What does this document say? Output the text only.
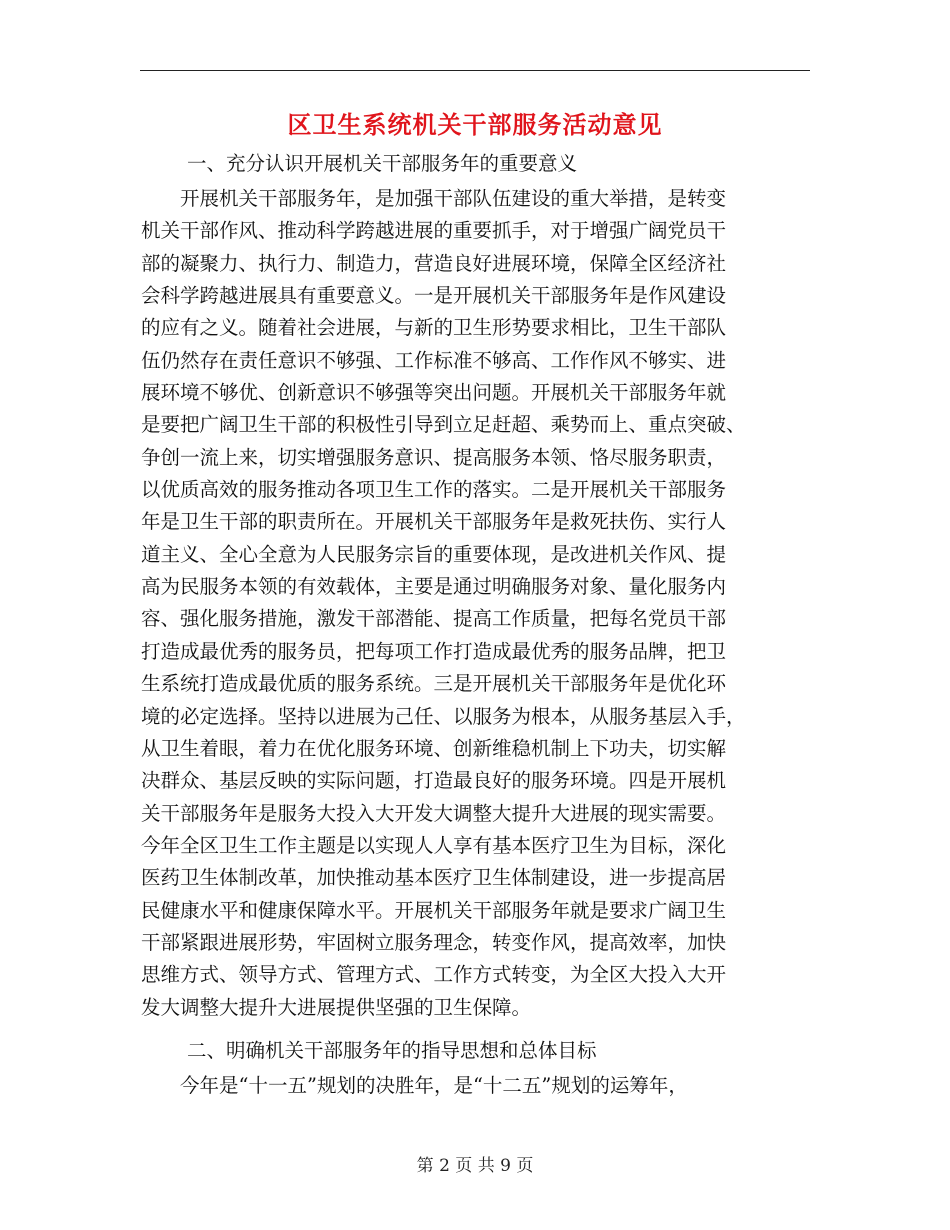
区卫生系统机关干部服务活动意见
一、充分认识开展机关干部服务年的重要意义
　　开展机关干部服务年，是加强干部队伍建设的重大举措，是转变
机关干部作风、推动科学跨越进展的重要抓手，对于增强广阔党员干
部的凝聚力、执行力、制造力，营造良好进展环境，保障全区经济社
会科学跨越进展具有重要意义。一是开展机关干部服务年是作风建设
的应有之义。随着社会进展，与新的卫生形势要求相比，卫生干部队
伍仍然存在责任意识不够强、工作标准不够高、工作作风不够实、进
展环境不够优、创新意识不够强等突出问题。开展机关干部服务年就
是要把广阔卫生干部的积极性引导到立足赶超、乘势而上、重点突破、
争创一流上来，切实增强服务意识、提高服务本领、恪尽服务职责，
以优质高效的服务推动各项卫生工作的落实。二是开展机关干部服务
年是卫生干部的职责所在。开展机关干部服务年是救死扶伤、实行人
道主义、全心全意为人民服务宗旨的重要体现，是改进机关作风、提
高为民服务本领的有效载体，主要是通过明确服务对象、量化服务内
容、强化服务措施，激发干部潜能、提高工作质量，把每名党员干部
打造成最优秀的服务员，把每项工作打造成最优秀的服务品牌，把卫
生系统打造成最优质的服务系统。三是开展机关干部服务年是优化环
境的必定选择。坚持以进展为己任、以服务为根本，从服务基层入手，
从卫生着眼，着力在优化服务环境、创新维稳机制上下功夫，切实解
决群众、基层反映的实际问题，打造最良好的服务环境。四是开展机
关干部服务年是服务大投入大开发大调整大提升大进展的现实需要。
今年全区卫生工作主题是以实现人人享有基本医疗卫生为目标，深化
医药卫生体制改革，加快推动基本医疗卫生体制建设，进一步提高居
民健康水平和健康保障水平。开展机关干部服务年就是要求广阔卫生
干部紧跟进展形势，牢固树立服务理念，转变作风，提高效率，加快
思维方式、领导方式、管理方式、工作方式转变，为全区大投入大开
发大调整大提升大进展提供坚强的卫生保障。
二、明确机关干部服务年的指导思想和总体目标
　　今年是“十一五”规划的决胜年，是“十二五”规划的运筹年，
第 2 页 共 9 页
